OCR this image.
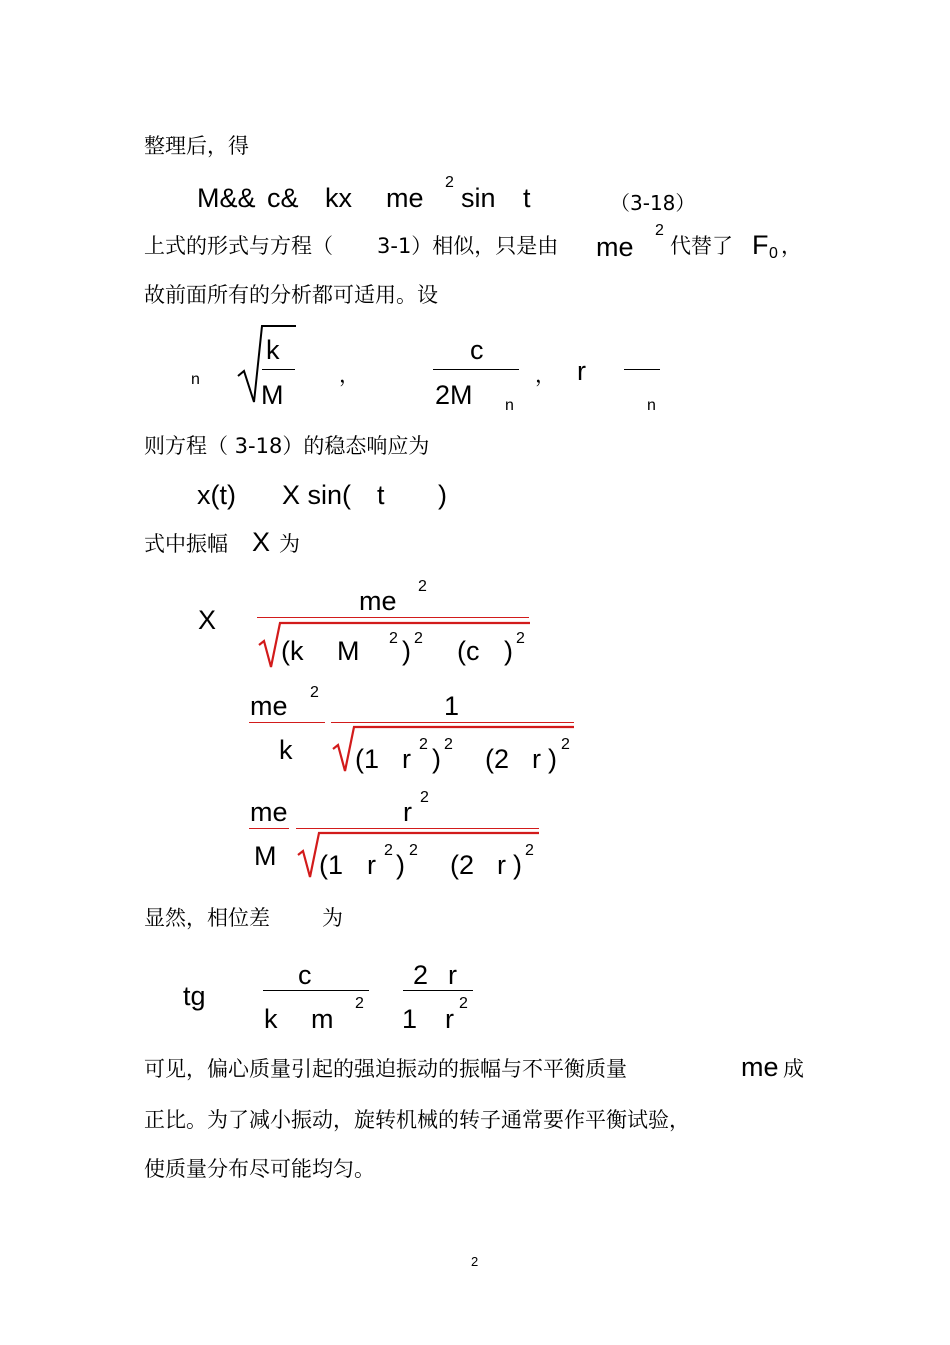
整理后，得
M&& c& kx me
2
sin t	（3-18）
上式的形式与方程（ 3-1）相似，只是由 me
2
代替了 F 0 ，
故前面所有的分析都可适用。设
n
k
M
，
c
2M n
， r
n
则方程（ 3-18）的稳态响应为
x(t) X sin( t )
式中振幅 X 为
X
me 2
(k M 2 ) 2 (c ) 2
me 2
k
1
(1 r 2 ) 2 (2 r ) 2
me
M
r 2
(1 r 2 ) 2 (2 r ) 2
显然，相位差 为
tg
c
k m
2
2 r
1 r
2
可见，偏心质量引起的强迫振动的振幅与不平衡质量	me 成
正比。为了减小振动，旋转机械的转子通常要作平衡试验，
使质量分布尽可能均匀。
2
